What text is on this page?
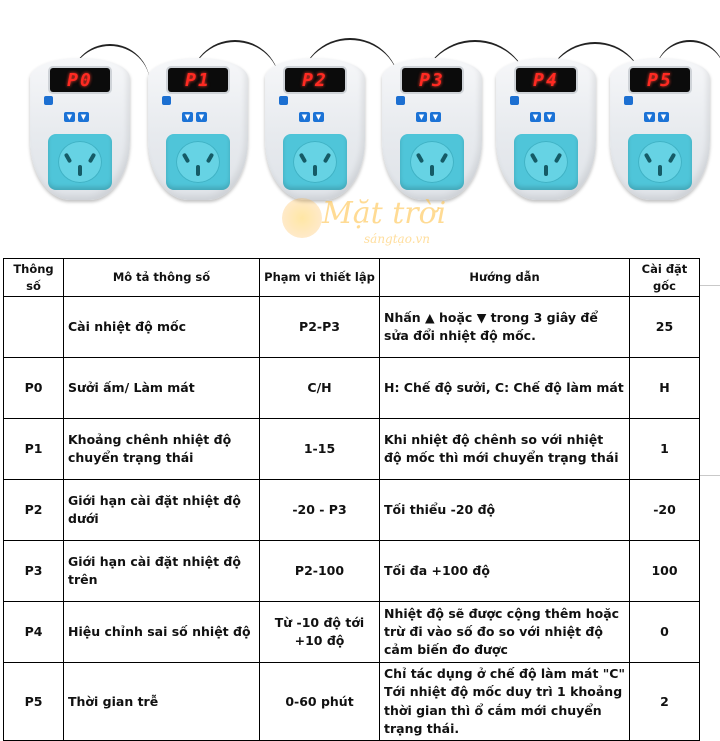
P0
▼	▼
P1
▼	▼
P2
▼	▼
P3
▼	▼
P4
▼	▼
P5
▼	▼
Mặt trời
sángtạo.vn
Thông số	Mô tả thông số	Phạm vi thiết lập	Hướng dẫn	Cài đặt gốc
	Cài nhiệt độ mốc	P2-P3	Nhấn ▲ hoặc ▼ trong 3 giây để sửa đổi nhiệt độ mốc.	25
P0	Sưởi ấm/ Làm mát	C/H	H: Chế độ sưởi, C: Chế độ làm mát	H
P1	Khoảng chênh nhiệt độ chuyển trạng thái	1-15	Khi nhiệt độ chênh so với nhiệt độ mốc thì mới chuyển trạng thái	1
P2	Giới hạn cài đặt nhiệt độ dưới	-20 - P3	Tối thiểu -20 độ	-20
P3	Giới hạn cài đặt nhiệt độ trên	P2-100	Tối đa +100 độ	100
P4	Hiệu chỉnh sai số nhiệt độ	Từ -10 độ tới +10 độ	Nhiệt độ sẽ được cộng thêm hoặc trừ đi vào số đo so với nhiệt độ cảm biến đo được	0
P5	Thời gian trễ	0-60 phút	Chỉ tác dụng ở chế độ làm mát "C" Tới nhiệt độ mốc duy trì 1 khoảng thời gian thì ổ cắm mới chuyển trạng thái.	2
